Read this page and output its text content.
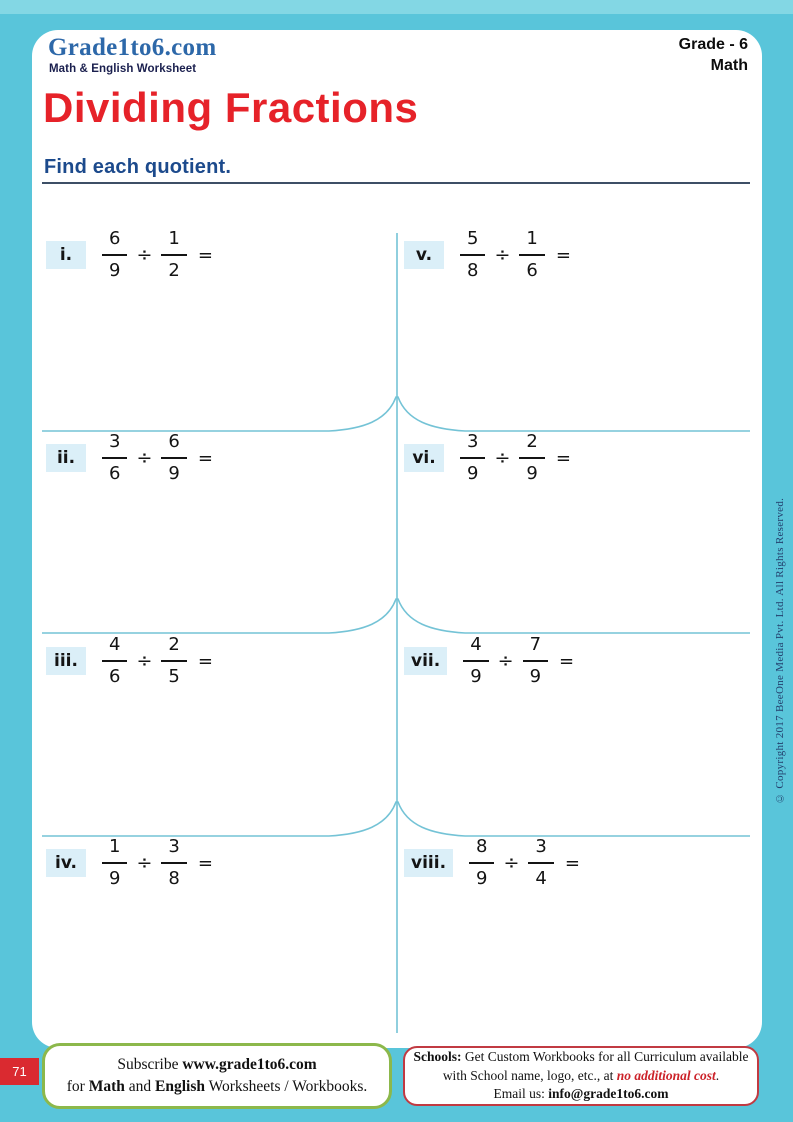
Grade1to6.com
Math & English Worksheet
Grade - 6
Math
Dividing Fractions
Find each quotient.
i.	$\frac{6}{9} \div \frac{1}{2}$ =
ii.	$\frac{3}{6} \div \frac{6}{9}$ =
iii.	$\frac{4}{6} \div \frac{2}{5}$ =
iv.	$\frac{1}{9} \div \frac{3}{8}$ =
v.	$\frac{5}{8} \div \frac{1}{6}$ =
vi.	$\frac{3}{9} \div \frac{2}{9}$ =
vii.	$\frac{4}{9} \div \frac{7}{9}$ =
viii.	$\frac{8}{9} \div \frac{3}{4}$ =
71	Subscribe www.grade1to6.com
for Math and English Worksheets / Workbooks.
Schools: Get Custom Workbooks for all Curriculum available
with School name, logo, etc., at no additional cost.
Email us: info@grade1to6.com
© Copyright 2017 BeeOne Media Pvt. Ltd. All Rights Reserved.
